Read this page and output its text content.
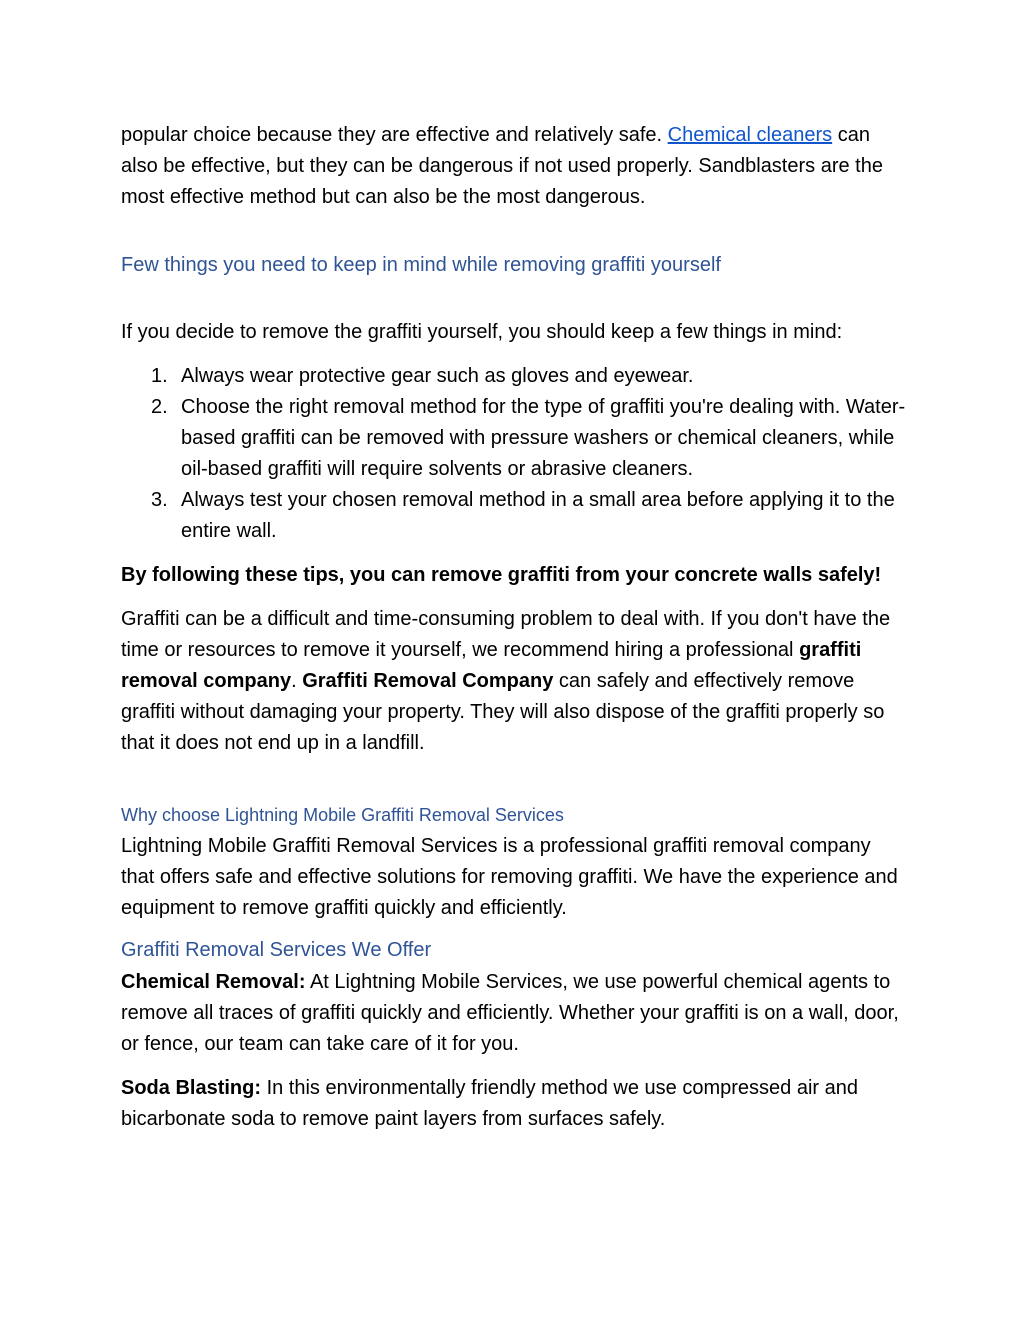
popular choice because they are effective and relatively safe. Chemical cleaners can also be effective, but they can be dangerous if not used properly. Sandblasters are the most effective method but can also be the most dangerous.

Few things you need to keep in mind while removing graffiti yourself

If you decide to remove the graffiti yourself, you should keep a few things in mind:

1. Always wear protective gear such as gloves and eyewear.
2. Choose the right removal method for the type of graffiti you're dealing with. Water-based graffiti can be removed with pressure washers or chemical cleaners, while oil-based graffiti will require solvents or abrasive cleaners.
3. Always test your chosen removal method in a small area before applying it to the entire wall.

By following these tips, you can remove graffiti from your concrete walls safely!

Graffiti can be a difficult and time-consuming problem to deal with. If you don't have the time or resources to remove it yourself, we recommend hiring a professional graffiti removal company. Graffiti Removal Company can safely and effectively remove graffiti without damaging your property. They will also dispose of the graffiti properly so that it does not end up in a landfill.

Why choose Lightning Mobile Graffiti Removal Services

Lightning Mobile Graffiti Removal Services is a professional graffiti removal company that offers safe and effective solutions for removing graffiti. We have the experience and equipment to remove graffiti quickly and efficiently.

Graffiti Removal Services We Offer

Chemical Removal: At Lightning Mobile Services, we use powerful chemical agents to remove all traces of graffiti quickly and efficiently. Whether your graffiti is on a wall, door, or fence, our team can take care of it for you.

Soda Blasting: In this environmentally friendly method we use compressed air and bicarbonate soda to remove paint layers from surfaces safely.
